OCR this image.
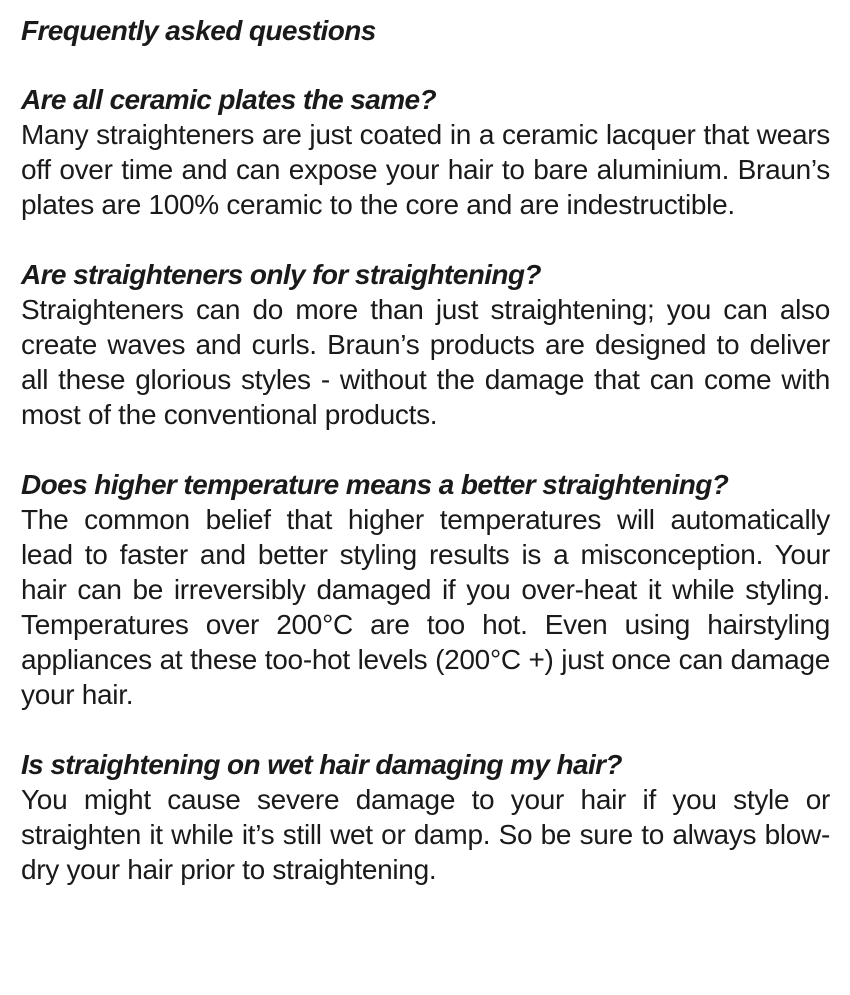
Frequently asked questions
Are all ceramic plates the same?

Many straighteners are just coated in a ceramic lacquer that wears off over time and can expose your hair to bare aluminium. Braun’s plates are 100% ceramic to the core and are indestructible.

Are straighteners only for straightening?

Straighteners can do more than just straightening; you can also create waves and curls. Braun’s products are designed to deliver all these glorious styles - without the damage that can come with most of the conventional products.

Does higher temperature means a better straightening?

The common belief that higher temperatures will automatically lead to faster and better styling results is a misconception. Your hair can be irreversibly damaged if you over-heat it while styling. Temperatures over 200°C are too hot. Even using hairstyling appliances at these too-hot levels (200°C +) just once can damage your hair.

Is straightening on wet hair damaging my hair?

You might cause severe damage to your hair if you style or straighten it while it’s still wet or damp. So be sure to always blow-dry your hair prior to straightening.
